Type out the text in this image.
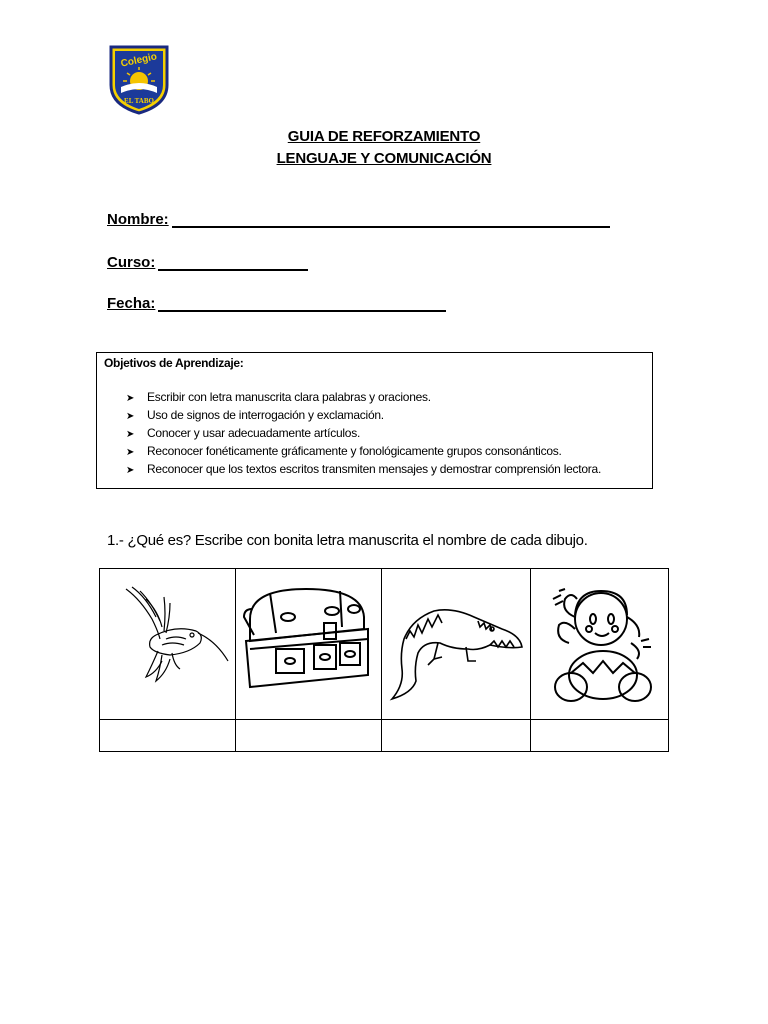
Colegio
EL TABO
GUIA DE REFORZAMIENTO
LENGUAJE Y COMUNICACIÓN
Nombre:
Curso:
Fecha:
Objetivos de Aprendizaje:
➤ Escribir con letra manuscrita clara palabras y oraciones.
➤ Uso de signos de interrogación y exclamación.
➤ Conocer y usar adecuadamente artículos.
➤ Reconocer fonéticamente gráficamente y fonológicamente grupos consonánticos.
➤ Reconocer que los textos escritos transmiten mensajes y demostrar comprensión lectora.
1.- ¿Qué es? Escribe con bonita letra manuscrita el nombre de cada dibujo.
